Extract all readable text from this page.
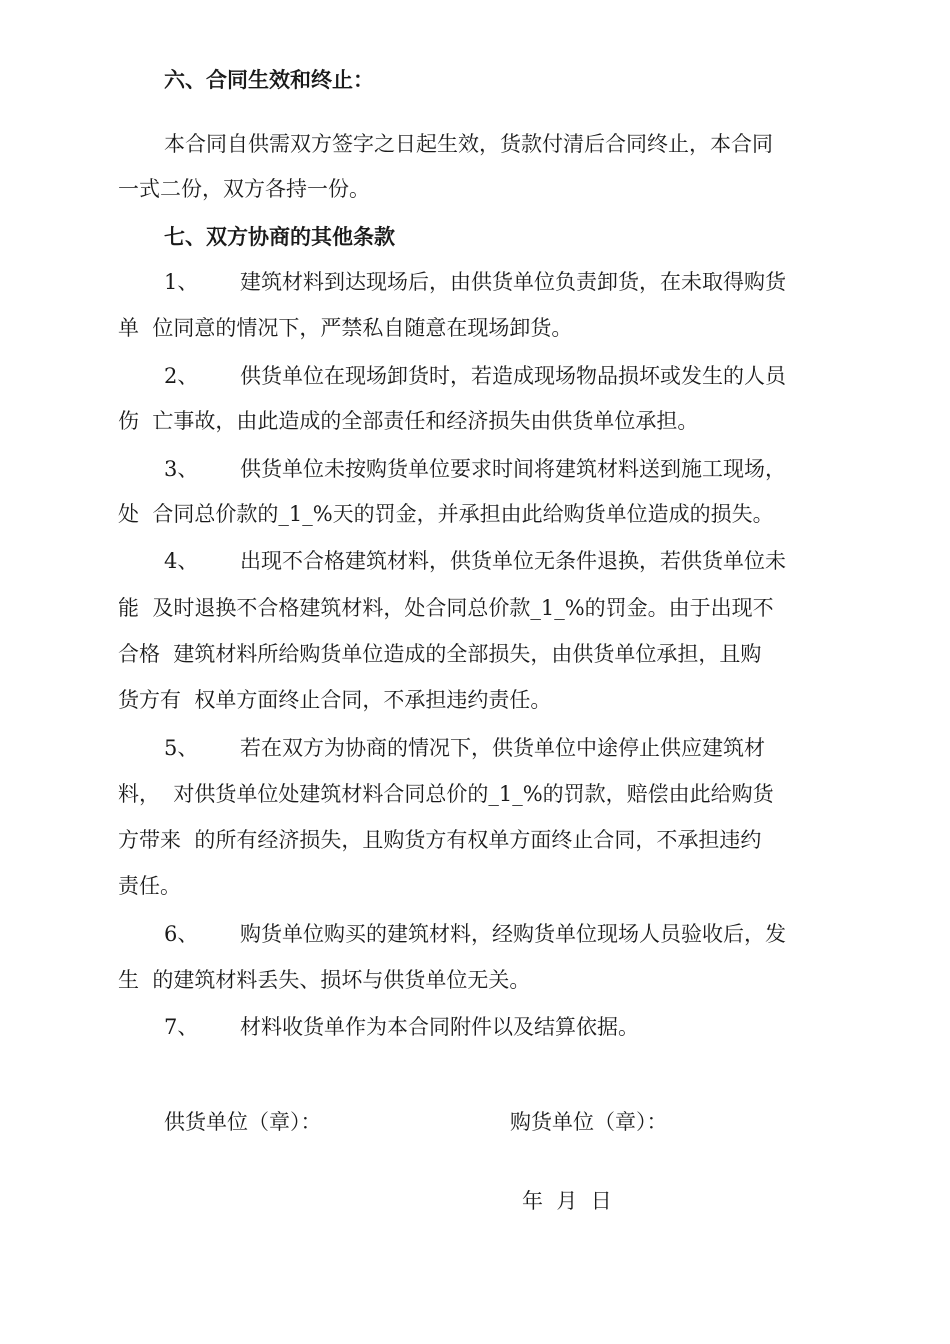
六、合同生效和终止：
本合同自供需双方签字之日起生效，货款付清后合同终止，本合同
一式二份，双方各持一份。
七、双方协商的其他条款
1、 建筑材料到达现场后，由供货单位负责卸货，在未取得购货
单  位同意的情况下，严禁私自随意在现场卸货。
2、 供货单位在现场卸货时，若造成现场物品损坏或发生的人员
伤  亡事故，由此造成的全部责任和经济损失由供货单位承担。
3、 供货单位未按购货单位要求时间将建筑材料送到施工现场，
处  合同总价款的_1_%天的罚金，并承担由此给购货单位造成的损失。
4、 出现不合格建筑材料，供货单位无条件退换，若供货单位未
能  及时退换不合格建筑材料，处合同总价款_1_%的罚金。由于出现不
合格  建筑材料所给购货单位造成的全部损失，由供货单位承担，且购
货方有  权单方面终止合同，不承担违约责任。
5、 若在双方为协商的情况下，供货单位中途停止供应建筑材
料，  对供货单位处建筑材料合同总价的_1_%的罚款，赔偿由此给购货
方带来  的所有经济损失，且购货方有权单方面终止合同，不承担违约
责任。
6、 购货单位购买的建筑材料，经购货单位现场人员验收后，发
生  的建筑材料丢失、损坏与供货单位无关。
7、 材料收货单作为本合同附件以及结算依据。
供货单位（章）：	购货单位（章）：
年  月  日
